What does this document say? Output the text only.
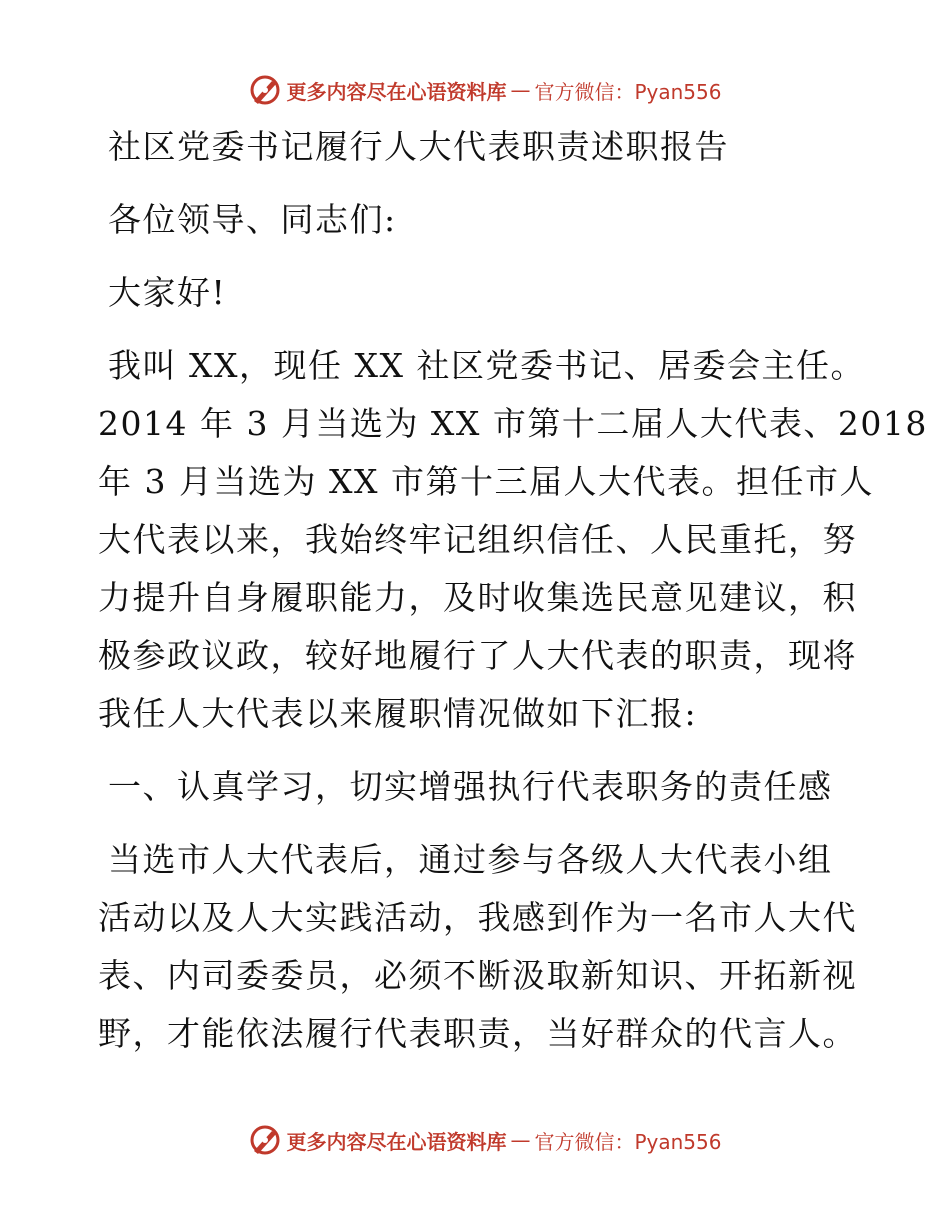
更多内容尽在心语资料库 — 官方微信：Pyan556
社区党委书记履行人大代表职责述职报告
各位领导、同志们:
大家好!
我叫 XX，现任 XX 社区党委书记、居委会主任。
2014 年 3 月当选为 XX 市第十二届人大代表、2018
年 3 月当选为 XX 市第十三届人大代表。担任市人
大代表以来，我始终牢记组织信任、人民重托，努
力提升自身履职能力，及时收集选民意见建议，积
极参政议政，较好地履行了人大代表的职责，现将
我任人大代表以来履职情况做如下汇报:
一、认真学习，切实增强执行代表职务的责任感
当选市人大代表后，通过参与各级人大代表小组
活动以及人大实践活动，我感到作为一名市人大代
表、内司委委员，必须不断汲取新知识、开拓新视
野，才能依法履行代表职责，当好群众的代言人。
更多内容尽在心语资料库 — 官方微信：Pyan556
